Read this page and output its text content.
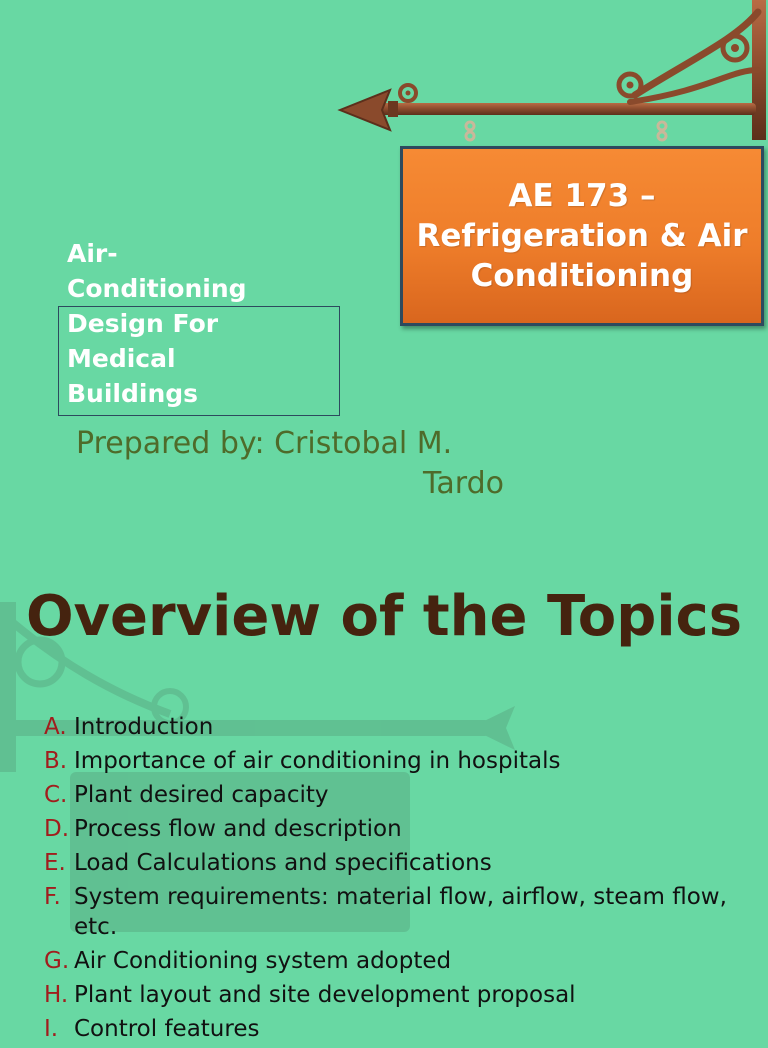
AE 173 – Refrigeration & Air Conditioning

Air-Conditioning Design For Medical Buildings

Prepared by: Cristobal M.
Tardo

Overview of the Topics
A. Introduction
B. Importance of air conditioning in hospitals
C. Plant desired capacity
D. Process flow and description
E. Load Calculations and specifications
F. System requirements: material flow, airflow, steam flow, etc.
G. Air Conditioning system adopted
H. Plant layout and site development proposal
I. Control features
